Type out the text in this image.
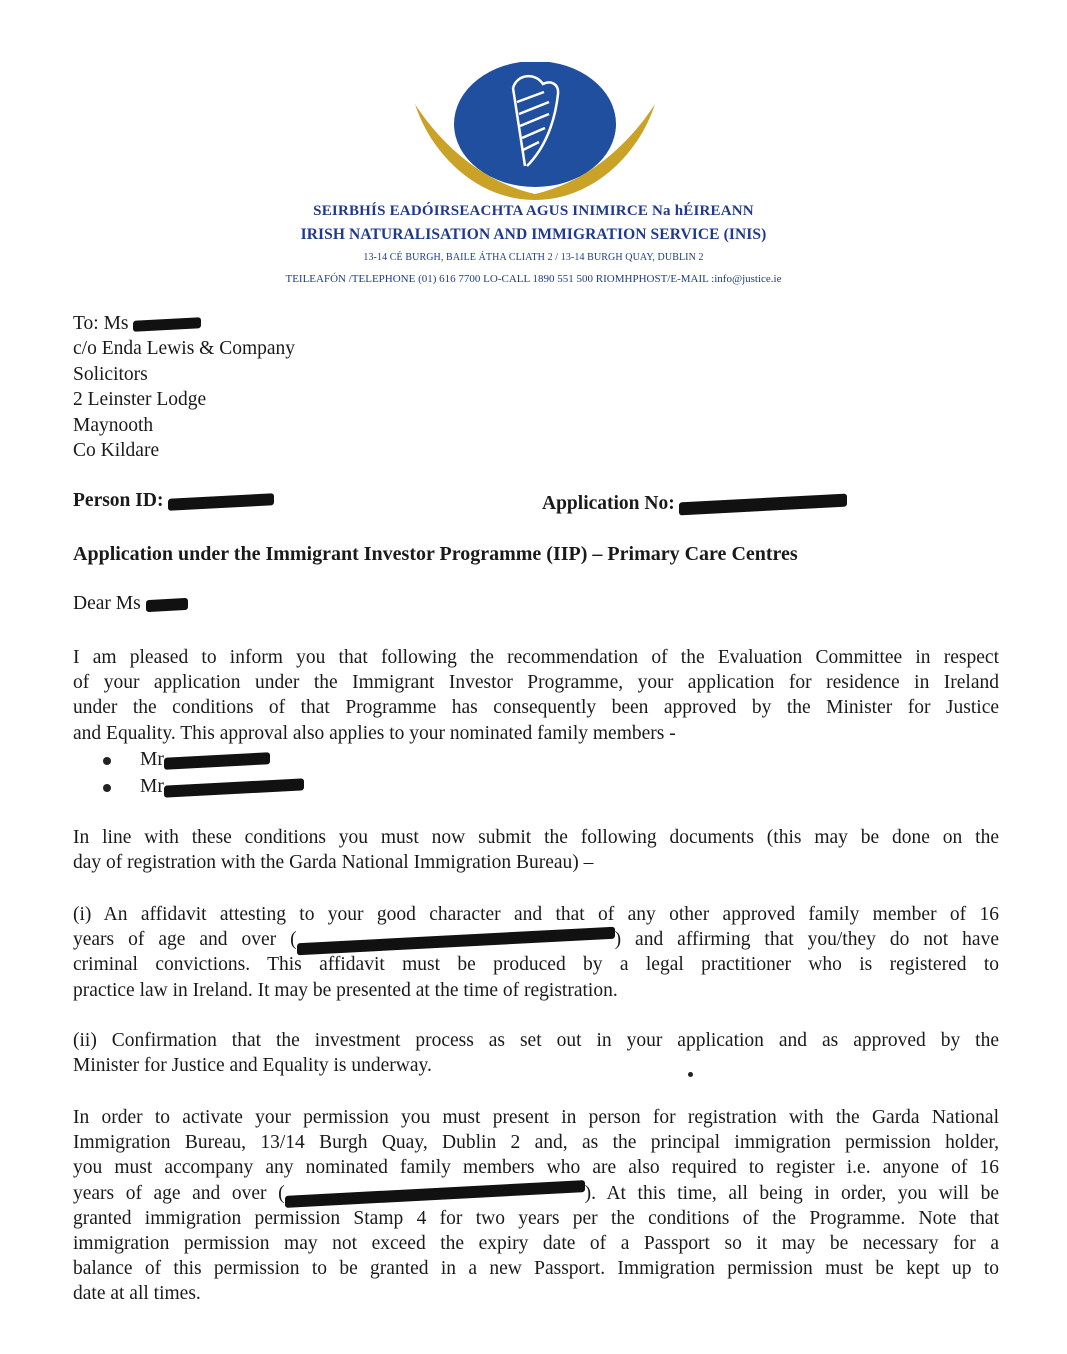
SEIRBHÍS EADÓIRSEACHTA AGUS INIMIRCE Na hÉIREANN
IRISH NATURALISATION AND IMMIGRATION SERVICE (INIS)
13-14 CÉ BURGH, BAILE ÁTHA CLIATH 2 / 13-14 BURGH QUAY, DUBLIN 2
TEILEAFÓN /TELEPHONE (01) 616 7700 LO-CALL 1890 551 500 RIOMHPHOST/E-MAIL :info@justice.ie
To: Ms
c/o Enda Lewis & Company
Solicitors
2 Leinster Lodge
Maynooth
Co Kildare
Person ID:	Application No:
Application under the Immigrant Investor Programme (IIP) – Primary Care Centres
Dear Ms
I am pleased to inform you that following the recommendation of the Evaluation Committee in respect
of your application under the Immigrant Investor Programme, your application for residence in Ireland
under the conditions of that Programme has consequently been approved by the Minister for Justice
and Equality. This approval also applies to your nominated family members -
Mr
Mr
In line with these conditions you must now submit the following documents (this may be done on the
day of registration with the Garda National Immigration Bureau) –
(i) An affidavit attesting to your good character and that of any other approved family member of 16
years of age and over (	) and affirming that you/they do not have
criminal convictions. This affidavit must be produced by a legal practitioner who is registered to
practice law in Ireland. It may be presented at the time of registration.
(ii) Confirmation that the investment process as set out in your application and as approved by the
Minister for Justice and Equality is underway.
In order to activate your permission you must present in person for registration with the Garda National
Immigration Bureau, 13/14 Burgh Quay, Dublin 2 and, as the principal immigration permission holder,
you must accompany any nominated family members who are also required to register i.e. anyone of 16
years of age and over (	). At this time, all being in order, you will be
granted immigration permission Stamp 4 for two years per the conditions of the Programme. Note that
immigration permission may not exceed the expiry date of a Passport so it may be necessary for a
balance of this permission to be granted in a new Passport. Immigration permission must be kept up to
date at all times.
